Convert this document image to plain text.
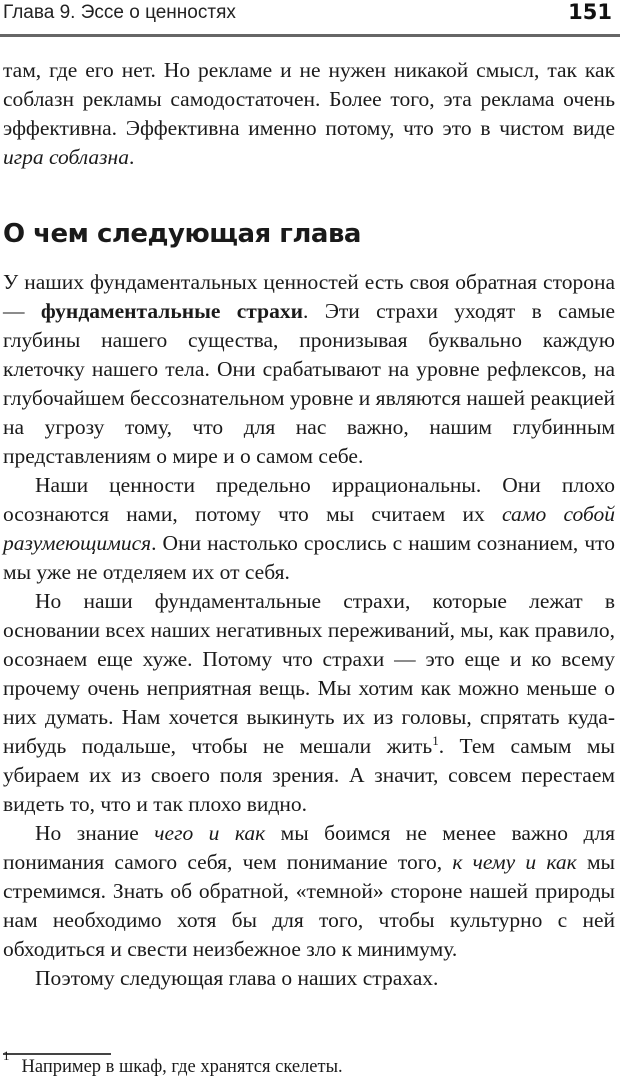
Глава 9. Эссе о ценностях	151

там, где его нет. Но рекламе и не нужен никакой смысл, так как соблазн рекламы самодостаточен. Более того, эта реклама очень эффективна. Эффективна именно потому, что это в чистом виде игра соблазна.

О чем следующая глава

У наших фундаментальных ценностей есть своя обратная сторона — фундаментальные страхи. Эти страхи уходят в самые глубины нашего существа, пронизывая буквально каждую клеточку нашего тела. Они срабатывают на уровне рефлексов, на глубочайшем бессознательном уровне и являются нашей реакцией на угрозу тому, что для нас важно, нашим глубинным представлениям о мире и о самом себе.

Наши ценности предельно иррациональны. Они плохо осознаются нами, потому что мы считаем их само собой разумеющимися. Они настолько срослись с нашим сознанием, что мы уже не отделяем их от себя.

Но наши фундаментальные страхи, которые лежат в основании всех наших негативных переживаний, мы, как правило, осознаем еще хуже. Потому что страхи — это еще и ко всему прочему очень неприятная вещь. Мы хотим как можно меньше о них думать. Нам хочется выкинуть их из головы, спрятать куда-нибудь подальше, чтобы не мешали жить$^1$. Тем самым мы убираем их из своего поля зрения. А значит, совсем перестаем видеть то, что и так плохо видно.

Но знание чего и как мы боимся не менее важно для понимания самого себя, чем понимание того, к чему и как мы стремимся. Знать об обратной, «темной» стороне нашей природы нам необходимо хотя бы для того, чтобы культурно с ней обходиться и свести неизбежное зло к минимуму.

Поэтому следующая глава о наших страхах.

$^1$Например в шкаф, где хранятся скелеты.
